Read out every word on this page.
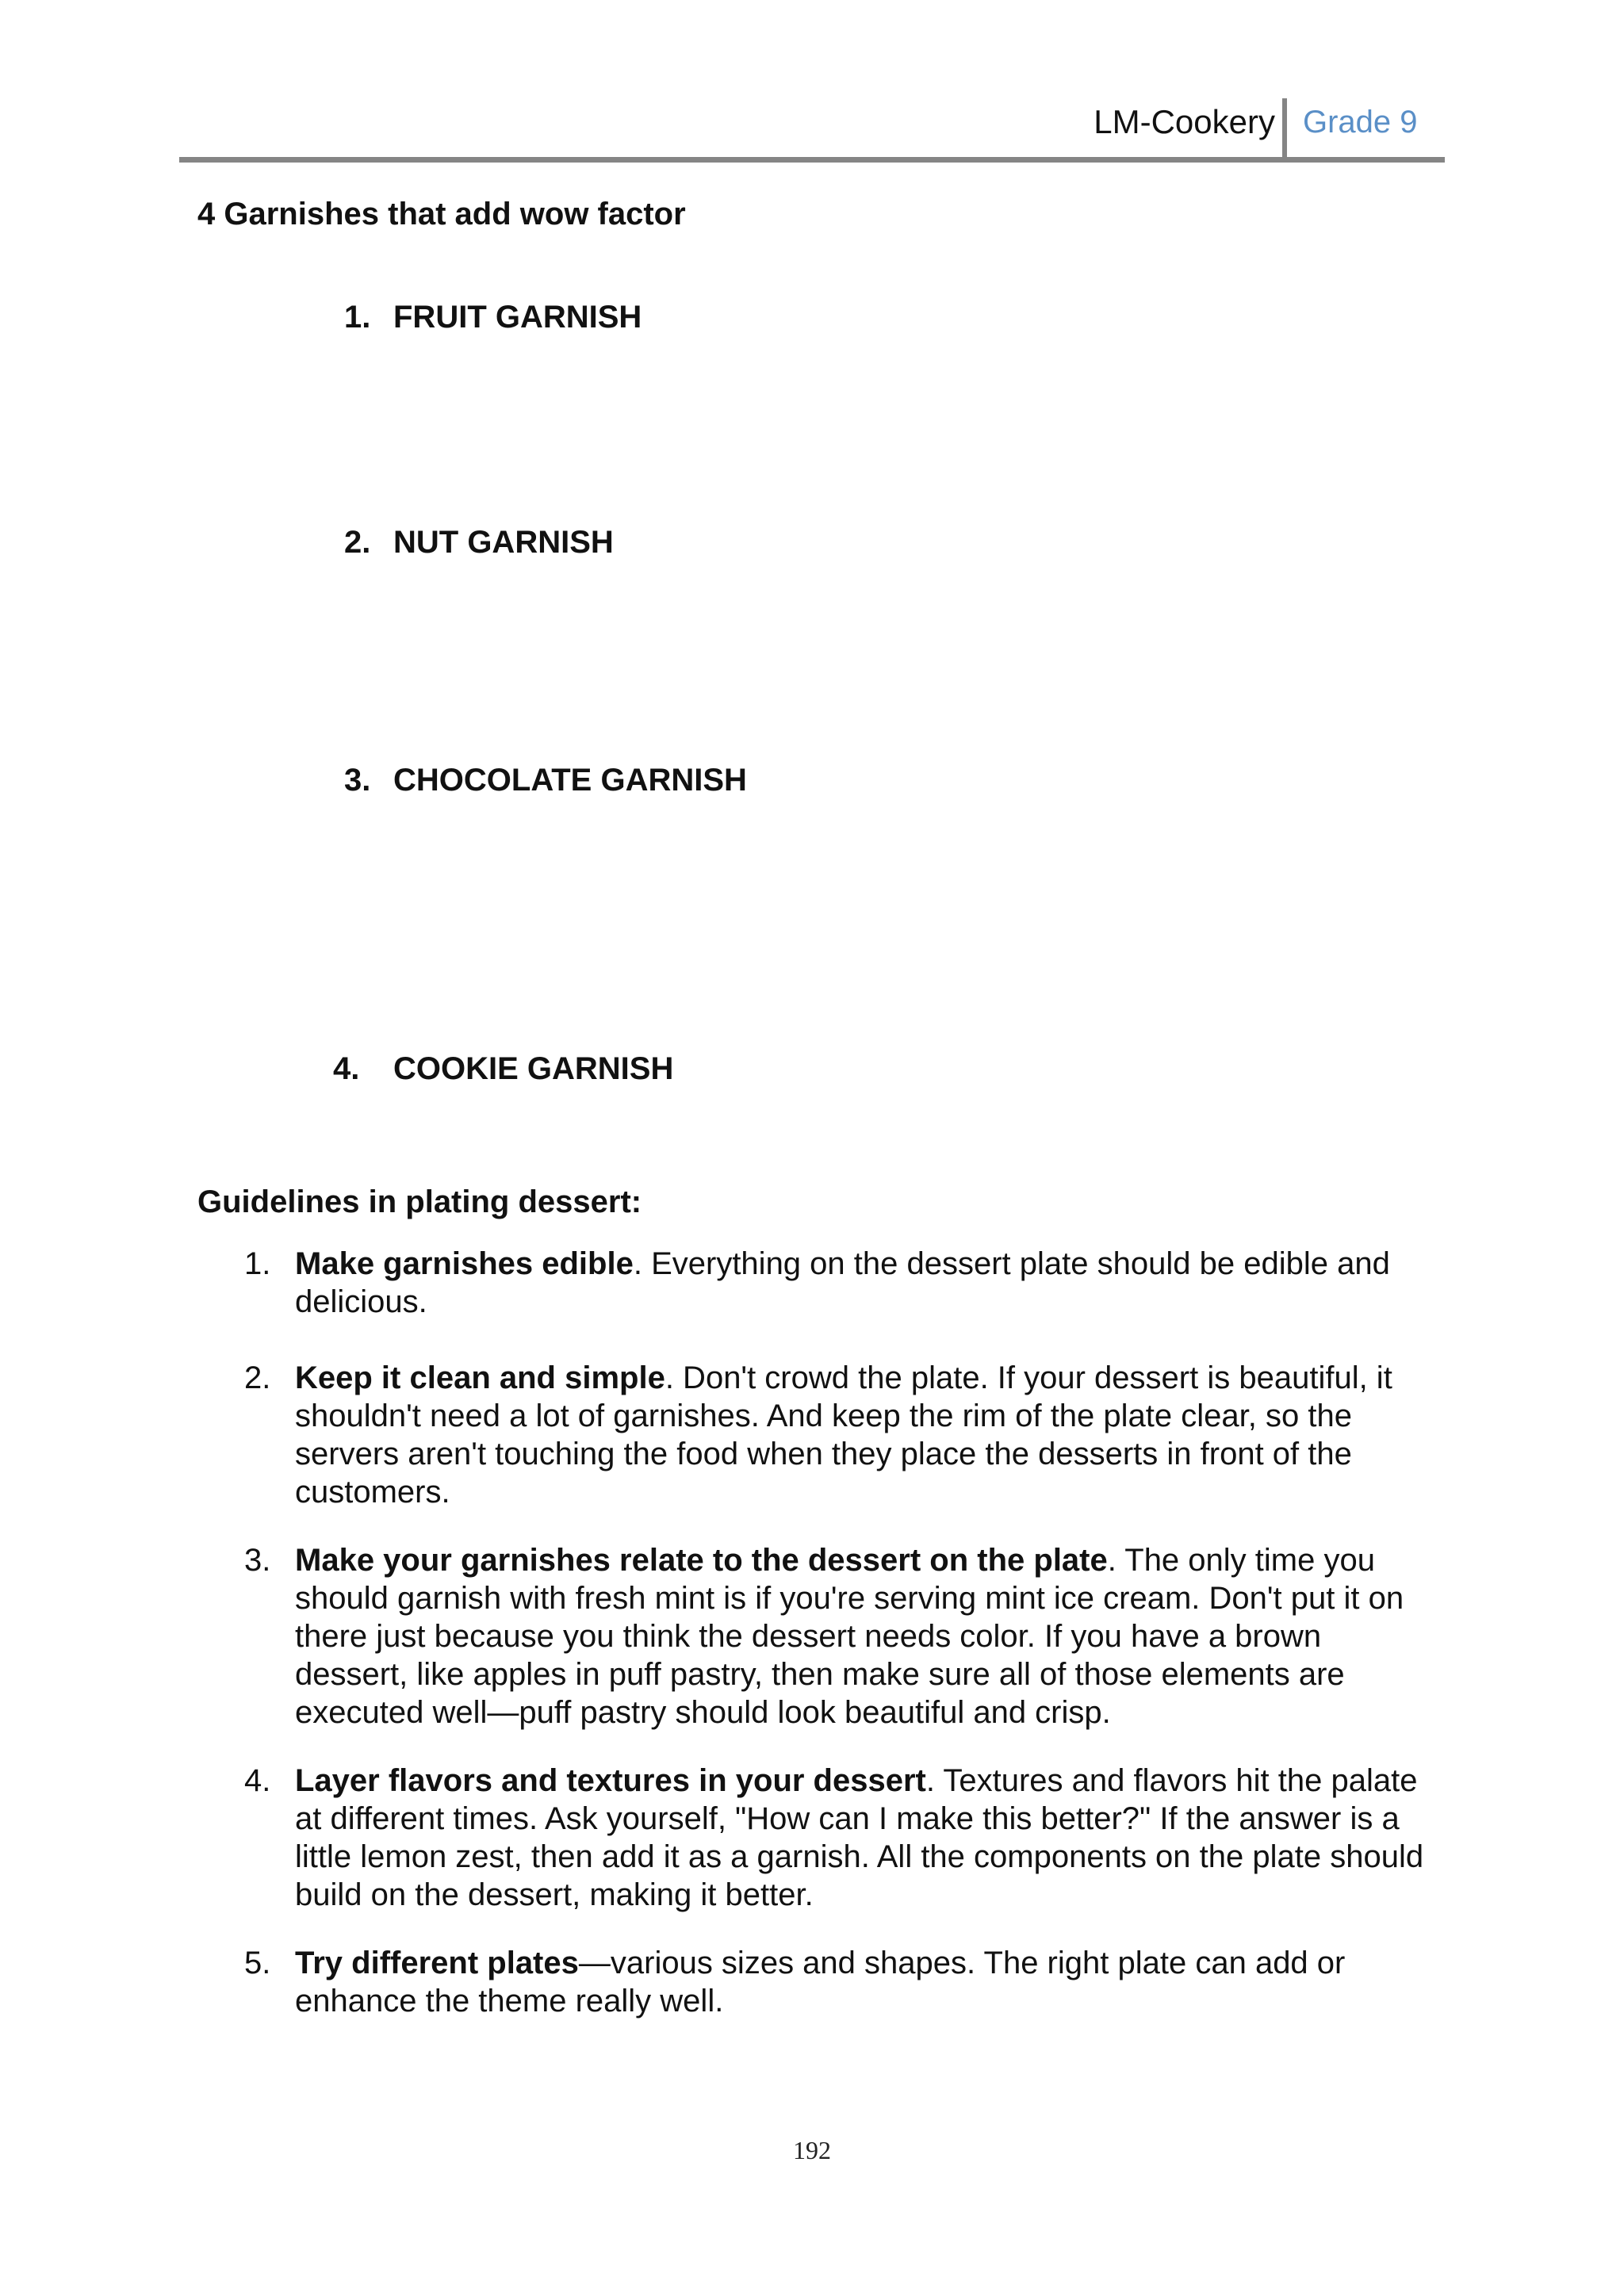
LM-Cookery Grade 9
4 Garnishes that add wow factor
1. FRUIT GARNISH
2. NUT GARNISH
3. CHOCOLATE GARNISH
4. COOKIE GARNISH
Guidelines in plating dessert:
1. Make garnishes edible. Everything on the dessert plate should be edible and delicious.
2. Keep it clean and simple. Don't crowd the plate. If your dessert is beautiful, it shouldn't need a lot of garnishes. And keep the rim of the plate clear, so the servers aren't touching the food when they place the desserts in front of the customers.
3. Make your garnishes relate to the dessert on the plate. The only time you should garnish with fresh mint is if you're serving mint ice cream. Don't put it on there just because you think the dessert needs color. If you have a brown dessert, like apples in puff pastry, then make sure all of those elements are executed well—puff pastry should look beautiful and crisp.
4. Layer flavors and textures in your dessert. Textures and flavors hit the palate at different times. Ask yourself, "How can I make this better?" If the answer is a little lemon zest, then add it as a garnish. All the components on the plate should build on the dessert, making it better.
5. Try different plates—various sizes and shapes. The right plate can add or enhance the theme really well.
192
